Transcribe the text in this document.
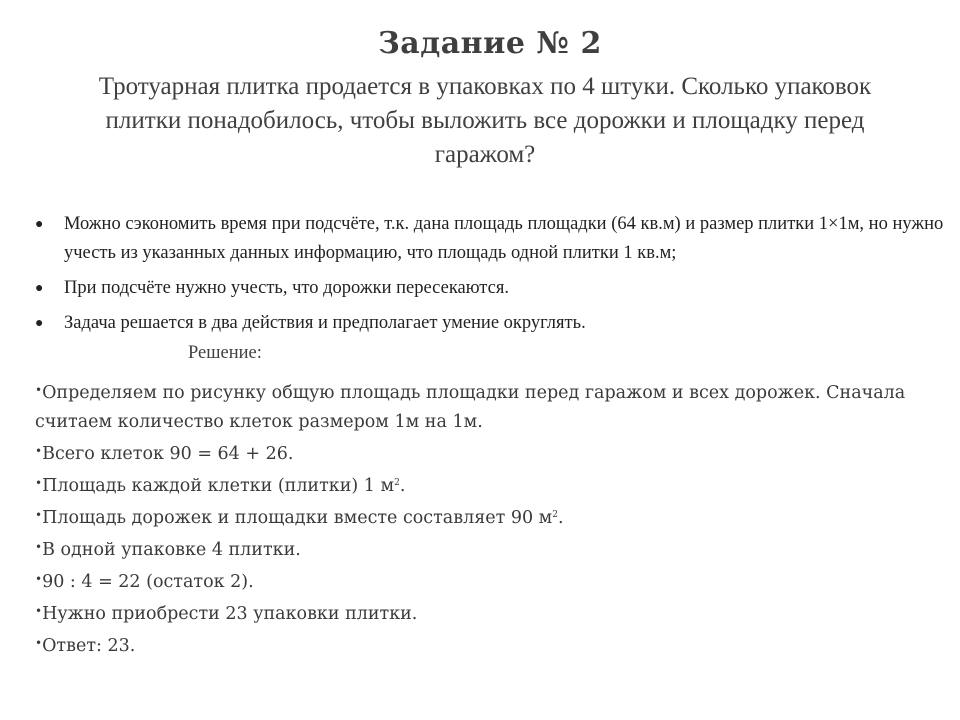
Задание № 2
Тротуарная плитка продается в упаковках по 4 штуки. Сколько упаковок плитки понадобилось, чтобы выложить все дорожки и площадку перед гаражом?
● Можно сэкономить время при подсчёте, т.к. дана площадь площадки (64 кв.м) и размер плитки 1×1м, но нужно учесть из указанных данных информацию, что площадь одной плитки 1 кв.м;
● При подсчёте нужно учесть, что дорожки пересекаются.
● Задача решается в два действия и предполагает умение округлять.
Решение:
•Определяем по рисунку общую площадь площадки перед гаражом и всех дорожек. Сначала
считаем количество клеток размером 1м на 1м.
•Всего клеток 90 = 64 + 26.
•Площадь каждой клетки (плитки) 1 $м^2$.
•Площадь дорожек и площадки вместе составляет 90 $м^2$.
•В одной упаковке 4 плитки.
•90 : 4 = 22 (остаток 2).
•Нужно приобрести 23 упаковки плитки.
•Ответ: 23.
